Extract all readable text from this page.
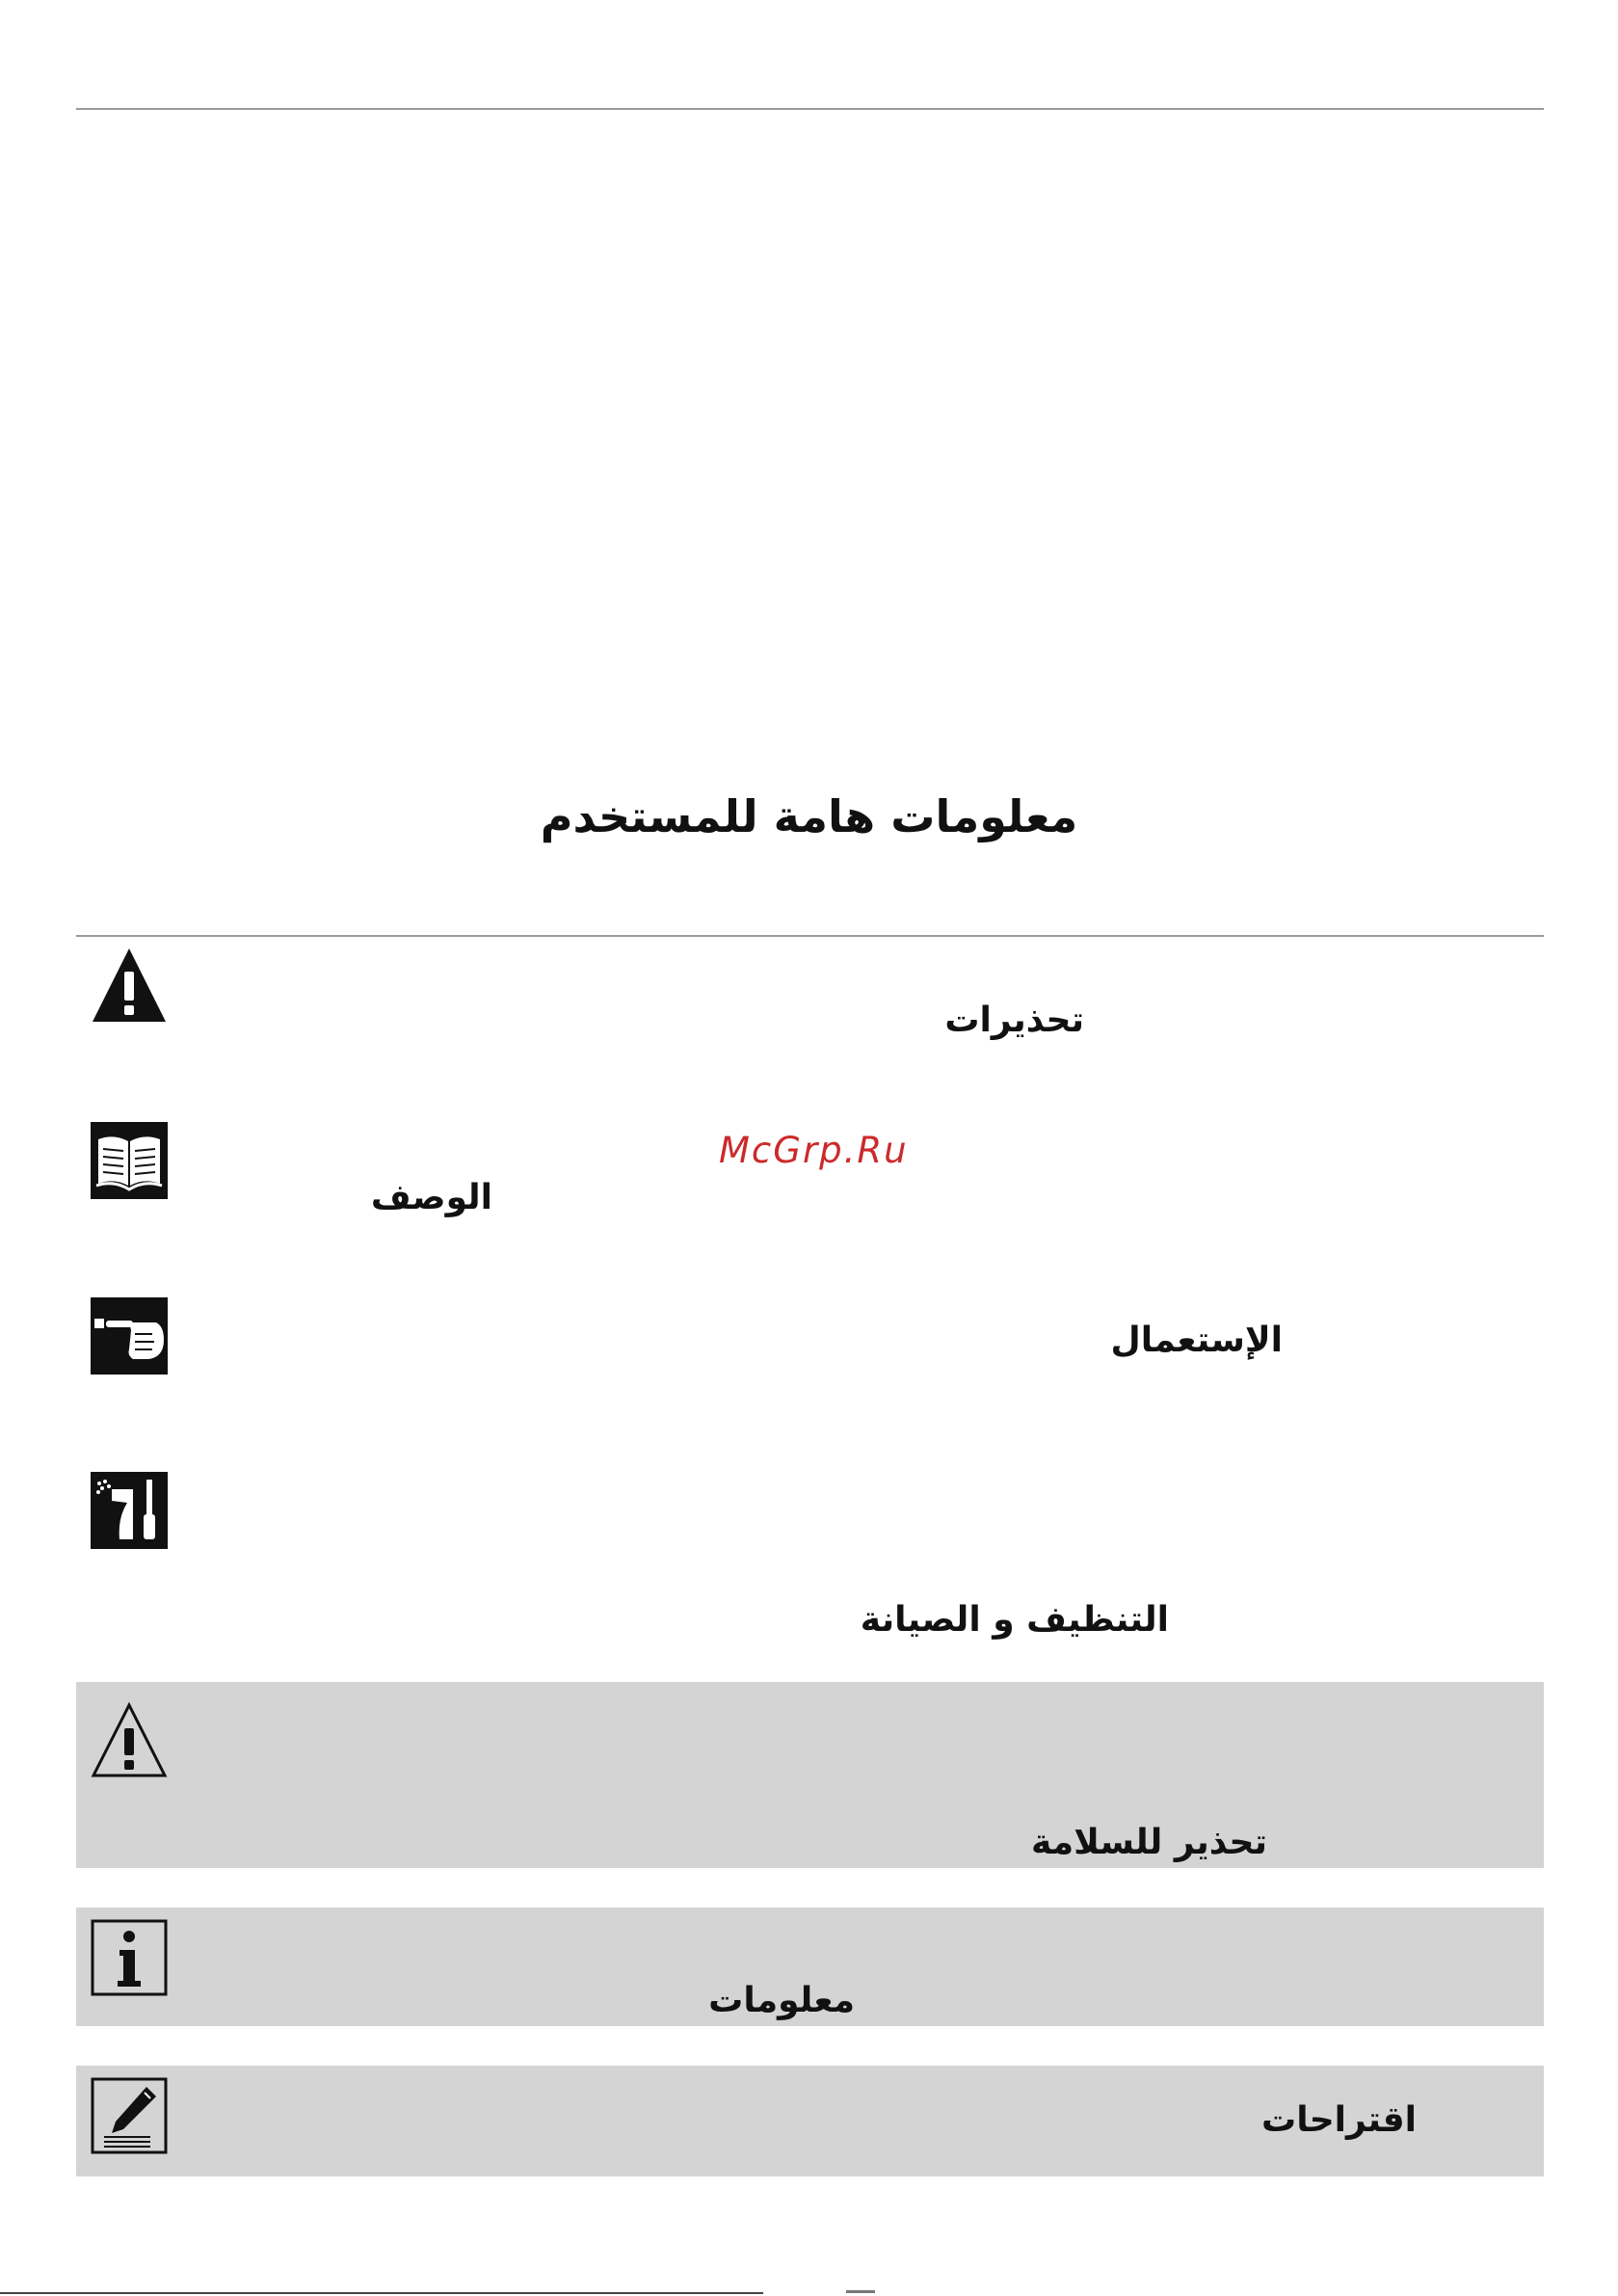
معلومات هامة للمستخدم
تحذيرات
McGrp.Ru
الوصف
الإستعمال
التنظيف و الصيانة
تحذير للسلامة
معلومات
اقتراحات
